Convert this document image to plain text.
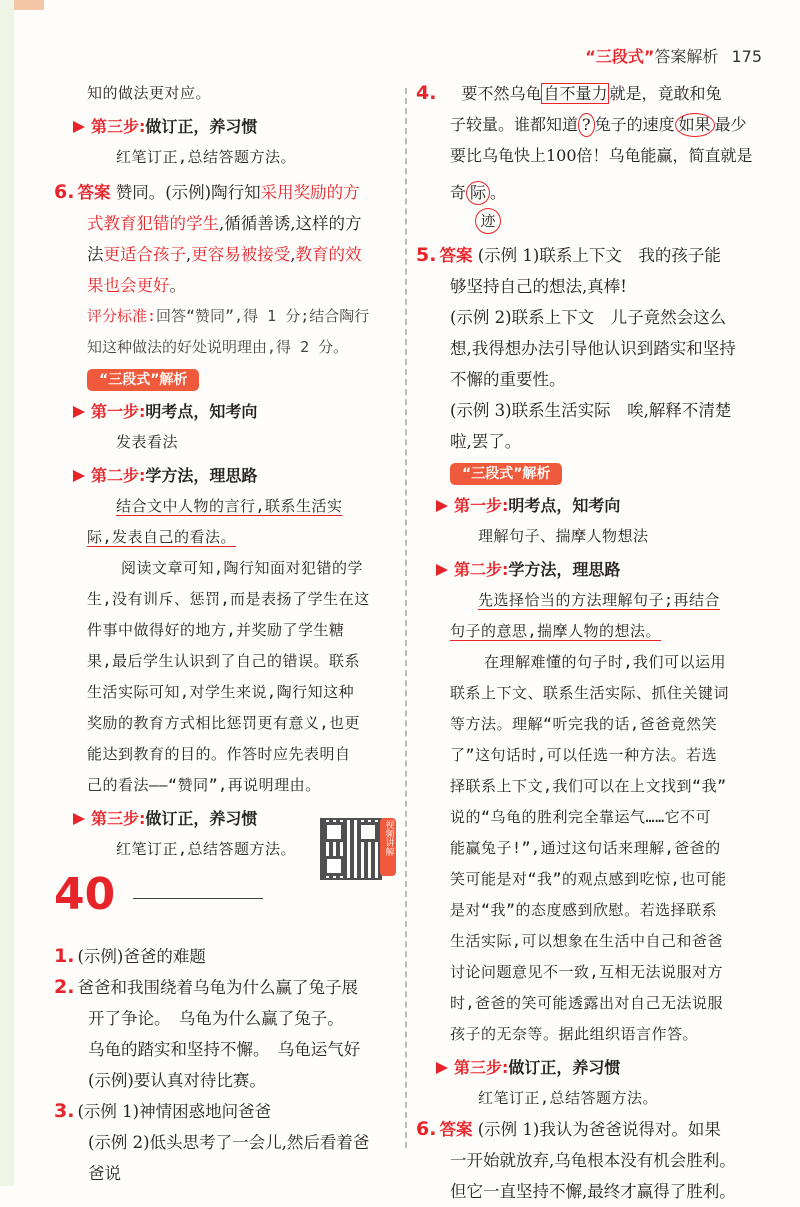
“三段式”答案解析 175

知的做法更对应。

第三步:做订正，养习惯

红笔订正,总结答题方法。

6. 答案 赞同。(示例)陶行知采用奖励的方

式教育犯错的学生,循循善诱,这样的方

法更适合孩子,更容易被接受,教育的效

果也会更好。

评分标准:回答“赞同”,得 1 分;结合陶行
知这种做法的好处说明理由,得 2 分。
“三段式”解析
第一步:明考点，知考向

发表看法

第二步:学方法，理思路

结合文中人物的言行,联系生活实

际,发表自己的看法。

阅读文章可知,陶行知面对犯错的学

生,没有训斥、惩罚,而是表扬了学生在这

件事中做得好的地方,并奖励了学生糖

果,最后学生认识到了自己的错误。联系

生活实际可知,对学生来说,陶行知这种

奖励的教育方式相比惩罚更有意义,也更

能达到教育的目的。作答时应先表明自

己的看法——“赞同”,再说明理由。

第三步:做订正，养习惯

红笔订正,总结答题方法。

40

1. (示例)爸爸的难题

2. 爸爸和我围绕着乌龟为什么赢了兔子展

开了争论。　乌龟为什么赢了兔子。

乌龟的踏实和坚持不懈。　乌龟运气好

(示例)要认真对待比赛。

3. (示例 1)神情困惑地问爸爸

(示例 2)低头思考了一会儿,然后看着爸

爸说

视频讲解

4. 要不然乌龟 自不量力 就是，竟敢和兔

子较量。谁都知道 ? 兔子的速度 如果 最少

要比乌龟快上100倍！乌龟能赢，简直就是

奇 际 。

迹

5. 答案 (示例 1)联系上下文　我的孩子能

够坚持自己的想法,真棒!

(示例 2)联系上下文　儿子竟然会这么

想,我得想办法引导他认识到踏实和坚持

不懈的重要性。

(示例 3)联系生活实际　唉,解释不清楚

啦,罢了。

“三段式”解析
第一步:明考点，知考向

理解句子、揣摩人物想法

第二步:学方法，理思路

先选择恰当的方法理解句子;再结合

句子的意思,揣摩人物的想法。

在理解难懂的句子时,我们可以运用

联系上下文、联系生活实际、抓住关键词

等方法。理解“听完我的话,爸爸竟然笑

了”这句话时,可以任选一种方法。若选

择联系上下文,我们可以在上文找到“我”

说的“乌龟的胜利完全靠运气……它不可

能赢兔子!”,通过这句话来理解,爸爸的

笑可能是对“我”的观点感到吃惊,也可能

是对“我”的态度感到欣慰。若选择联系

生活实际,可以想象在生活中自己和爸爸

讨论问题意见不一致,互相无法说服对方

时,爸爸的笑可能透露出对自己无法说服

孩子的无奈等。据此组织语言作答。

第三步:做订正，养习惯

红笔订正,总结答题方法。

6. 答案 (示例 1)我认为爸爸说得对。如果

一开始就放弃,乌龟根本没有机会胜利。

但它一直坚持不懈,最终才赢得了胜利。
